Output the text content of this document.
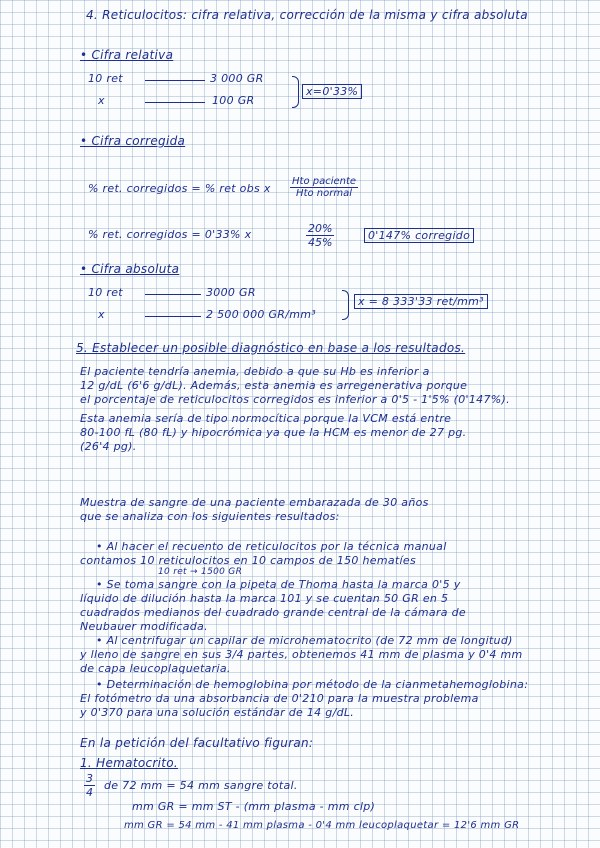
4. Reticulocitos: cifra relativa, corrección de la misma y cifra absoluta
• Cifra relativa
10 ret	3 000 GR
x	100 GR
x=0'33%
• Cifra corregida
% ret. corregidos = % ret obs x
Hto paciente
Hto normal
% ret. corregidos = 0'33% x	$\frac{20\%}{45\%}$	0'147% corregido
• Cifra absoluta
10 ret	3000 GR
x	2 500 000 GR/mm³
x = 8 333'33 ret/mm³
5. Establecer un posible diagnóstico en base a los resultados.
El paciente tendría anemia, debido a que su Hb es inferior a
12 g/dL (6'6 g/dL). Además, esta anemia es arregenerativa porque
el porcentaje de reticulocitos corregidos es inferior a 0'5 - 1'5% (0'147%).
Esta anemia sería de tipo normocítica porque la VCM está entre
80-100 fL (80 fL) y hipocrómica ya que la HCM es menor de 27 pg.
(26'4 pg).
Muestra de sangre de una paciente embarazada de 30 años
que se analiza con los siguientes resultados:
• Al hacer el recuento de reticulocitos por la técnica manual
contamos 10 reticulocitos en 10 campos de 150 hematíes
10 ret → 1500 GR
• Se toma sangre con la pipeta de Thoma hasta la marca 0'5 y
líquido de dilución hasta la marca 101 y se cuentan 50 GR en 5
cuadrados medianos del cuadrado grande central de la cámara de
Neubauer modificada.
• Al centrifugar un capilar de microhematocrito (de 72 mm de longitud)
y lleno de sangre en sus 3/4 partes, obtenemos 41 mm de plasma y 0'4 mm
de capa leucoplaquetaria.
• Determinación de hemoglobina por método de la cianmetahemoglobina:
El fotómetro da una absorbancia de 0'210 para la muestra problema
y 0'370 para una solución estándar de 14 g/dL.
En la petición del facultativo figuran:
1. Hematocrito.
$\frac{3}{4}$ de 72 mm = 54 mm sangre total.
mm GR = mm ST - (mm plasma - mm clp)
mm GR = 54 mm - 41 mm plasma - 0'4 mm leucoplaquetar = 12'6 mm GR
